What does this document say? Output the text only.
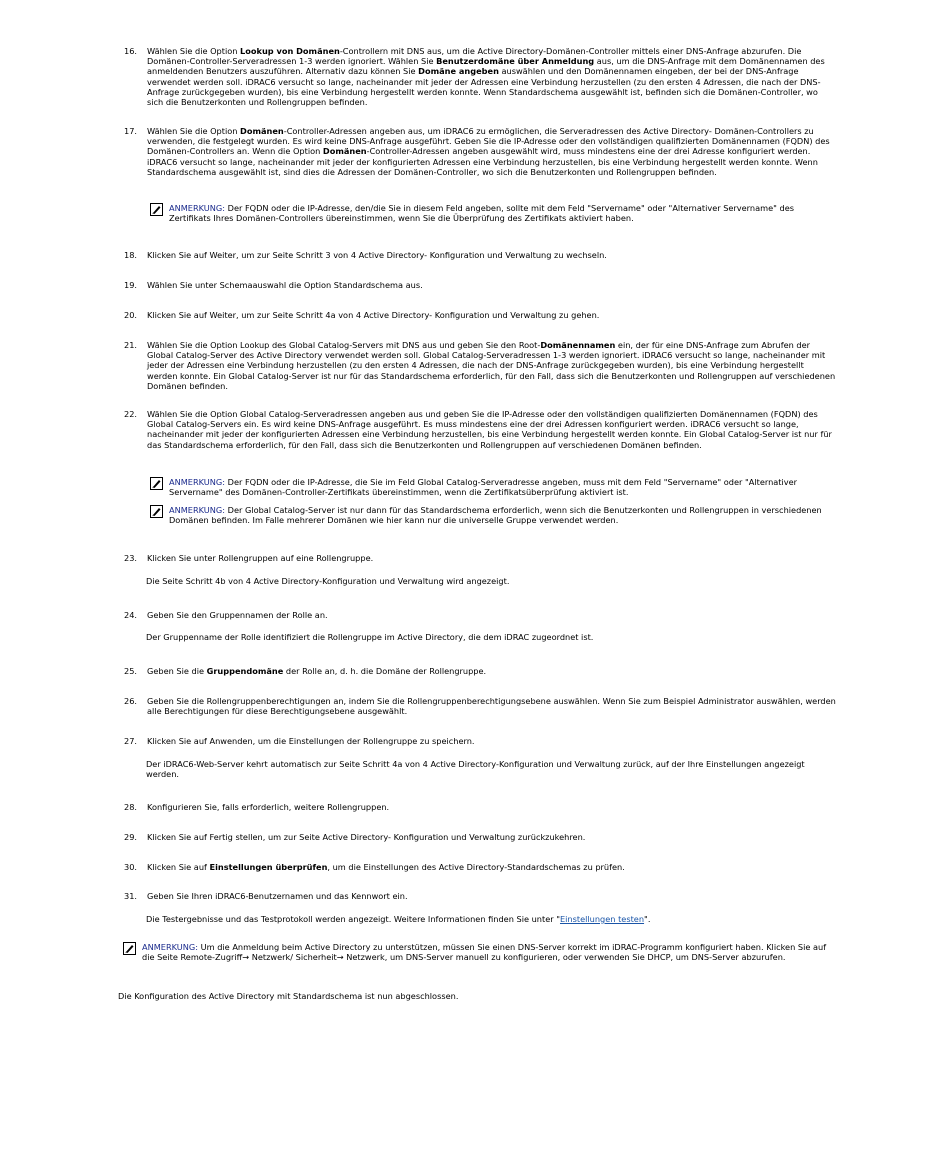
16.	Wählen Sie die Option Lookup von Domänen-Controllern mit DNS aus, um die Active Directory-Domänen-Controller mittels einer DNS-Anfrage abzurufen. Die Domänen-Controller-Serveradressen 1-3 werden ignoriert. Wählen Sie Benutzerdomäne über Anmeldung aus, um die DNS-Anfrage mit dem Domänennamen des anmeldenden Benutzers auszuführen. Alternativ dazu können Sie Domäne angeben auswählen und den Domänennamen eingeben, der bei der DNS-Anfrage verwendet werden soll. iDRAC6 versucht so lange, nacheinander mit jeder der Adressen eine Verbindung herzustellen (zu den ersten 4 Adressen, die nach der DNS- Anfrage zurückgegeben wurden), bis eine Verbindung hergestellt werden konnte. Wenn Standardschema ausgewählt ist, befinden sich die Domänen-Controller, wo sich die Benutzerkonten und Rollengruppen befinden.
17.	Wählen Sie die Option Domänen-Controller-Adressen angeben aus, um iDRAC6 zu ermöglichen, die Serveradressen des Active Directory- Domänen-Controllers zu verwenden, die festgelegt wurden. Es wird keine DNS-Anfrage ausgeführt. Geben Sie die IP-Adresse oder den vollständigen qualifizierten Domänennamen (FQDN) des Domänen-Controllers an. Wenn die Option Domänen-Controller-Adressen angeben ausgewählt wird, muss mindestens eine der drei Adresse konfiguriert werden. iDRAC6 versucht so lange, nacheinander mit jeder der konfigurierten Adressen eine Verbindung herzustellen, bis eine Verbindung hergestellt werden konnte. Wenn Standardschema ausgewählt ist, sind dies die Adressen der Domänen-Controller, wo sich die Benutzerkonten und Rollengruppen befinden.
ANMERKUNG: Der FQDN oder die IP-Adresse, den/die Sie in diesem Feld angeben, sollte mit dem Feld "Servername" oder "Alternativer Servername" des Zertifikats Ihres Domänen-Controllers übereinstimmen, wenn Sie die Überprüfung des Zertifikats aktiviert haben.
18.	Klicken Sie auf Weiter, um zur Seite Schritt 3 von 4 Active Directory- Konfiguration und Verwaltung zu wechseln.
19.	Wählen Sie unter Schemaauswahl die Option Standardschema aus.
20.	Klicken Sie auf Weiter, um zur Seite Schritt 4a von 4 Active Directory- Konfiguration und Verwaltung zu gehen.
21.	Wählen Sie die Option Lookup des Global Catalog-Servers mit DNS aus und geben Sie den Root-Domänennamen ein, der für eine DNS-Anfrage zum Abrufen der Global Catalog-Server des Active Directory verwendet werden soll. Global Catalog-Serveradressen 1-3 werden ignoriert. iDRAC6 versucht so lange, nacheinander mit jeder der Adressen eine Verbindung herzustellen (zu den ersten 4 Adressen, die nach der DNS-Anfrage zurückgegeben wurden), bis eine Verbindung hergestellt werden konnte. Ein Global Catalog-Server ist nur für das Standardschema erforderlich, für den Fall, dass sich die Benutzerkonten und Rollengruppen auf verschiedenen Domänen befinden.
22.	Wählen Sie die Option Global Catalog-Serveradressen angeben aus und geben Sie die IP-Adresse oder den vollständigen qualifizierten Domänennamen (FQDN) des Global Catalog-Servers ein. Es wird keine DNS-Anfrage ausgeführt. Es muss mindestens eine der drei Adressen konfiguriert werden. iDRAC6 versucht so lange, nacheinander mit jeder der konfigurierten Adressen eine Verbindung herzustellen, bis eine Verbindung hergestellt werden konnte. Ein Global Catalog-Server ist nur für das Standardschema erforderlich, für den Fall, dass sich die Benutzerkonten und Rollengruppen auf verschiedenen Domänen befinden.
ANMERKUNG: Der FQDN oder die IP-Adresse, die Sie im Feld Global Catalog-Serveradresse angeben, muss mit dem Feld "Servername" oder "Alternativer Servername" des Domänen-Controller-Zertifikats übereinstimmen, wenn die Zertifikatsüberprüfung aktiviert ist.
ANMERKUNG: Der Global Catalog-Server ist nur dann für das Standardschema erforderlich, wenn sich die Benutzerkonten und Rollengruppen in verschiedenen Domänen befinden. Im Falle mehrerer Domänen wie hier kann nur die universelle Gruppe verwendet werden.
23.	Klicken Sie unter Rollengruppen auf eine Rollengruppe.
Die Seite Schritt 4b von 4 Active Directory-Konfiguration und Verwaltung wird angezeigt.
24.	Geben Sie den Gruppennamen der Rolle an.
Der Gruppenname der Rolle identifiziert die Rollengruppe im Active Directory, die dem iDRAC zugeordnet ist.
25.	Geben Sie die Gruppendomäne der Rolle an, d. h. die Domäne der Rollengruppe.
26.	Geben Sie die Rollengruppenberechtigungen an, indem Sie die Rollengruppenberechtigungsebene auswählen. Wenn Sie zum Beispiel Administrator auswählen, werden alle Berechtigungen für diese Berechtigungsebene ausgewählt.
27.	Klicken Sie auf Anwenden, um die Einstellungen der Rollengruppe zu speichern.
Der iDRAC6-Web-Server kehrt automatisch zur Seite Schritt 4a von 4 Active Directory-Konfiguration und Verwaltung zurück, auf der Ihre Einstellungen angezeigt werden.
28.	Konfigurieren Sie, falls erforderlich, weitere Rollengruppen.
29.	Klicken Sie auf Fertig stellen, um zur Seite Active Directory- Konfiguration und Verwaltung zurückzukehren.
30.	Klicken Sie auf Einstellungen überprüfen, um die Einstellungen des Active Directory-Standardschemas zu prüfen.
31.	Geben Sie Ihren iDRAC6-Benutzernamen und das Kennwort ein.
Die Testergebnisse und das Testprotokoll werden angezeigt. Weitere Informationen finden Sie unter "Einstellungen testen".
ANMERKUNG: Um die Anmeldung beim Active Directory zu unterstützen, müssen Sie einen DNS-Server korrekt im iDRAC-Programm konfiguriert haben. Klicken Sie auf die Seite Remote-Zugriff→ Netzwerk/ Sicherheit→ Netzwerk, um DNS-Server manuell zu konfigurieren, oder verwenden Sie DHCP, um DNS-Server abzurufen.
Die Konfiguration des Active Directory mit Standardschema ist nun abgeschlossen.
